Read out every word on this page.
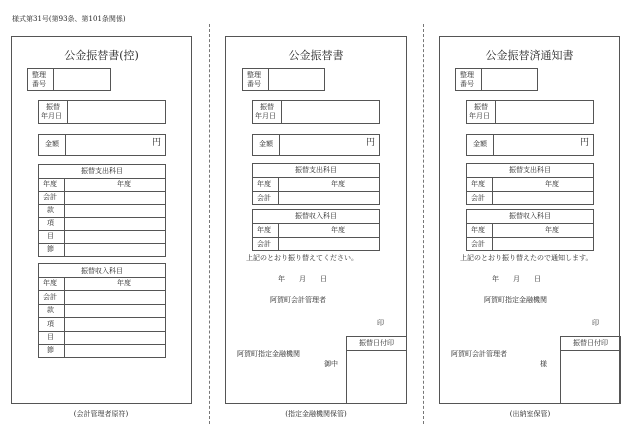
様式第31号(第93条、第101条関係)
公金振替書(控)
整理
番号
振替
年月日
金額	円
振替支出科目
年度	年度
会計
款
項
目
節
振替収入科目
年度	年度
会計
款
項
目
節
(会計管理者原符)
公金振替書
整理
番号
振替
年月日
金額	円
振替支出科目
年度	年度
会計
振替収入科目
年度	年度
会計
上記のとおり振り替えてください。
年　　月　　日
阿賀町会計管理者
印
振替日付印
阿賀町指定金融機関
御中
(指定金融機関保管)
公金振替済通知書
整理
番号
振替
年月日
金額	円
振替支出科目
年度	年度
会計
振替収入科目
年度	年度
会計
上記のとおり振り替えたので通知します。
年　　月　　日
阿賀町指定金融機関
印
振替日付印
阿賀町会計管理者
様
(出納室保管)
